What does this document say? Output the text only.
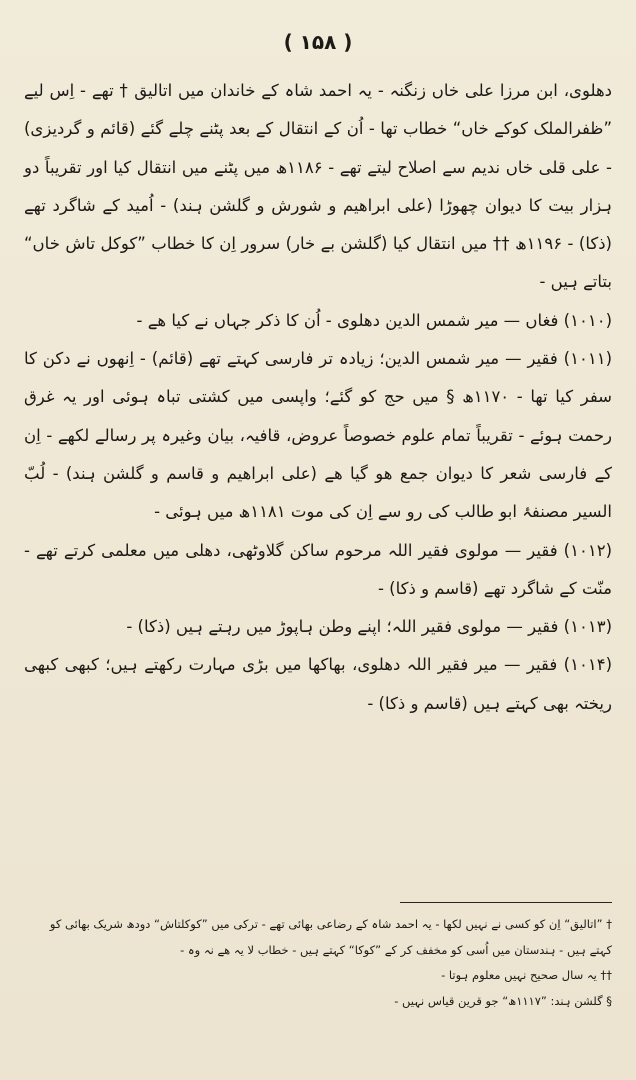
( ۱۵۸ )

دھلوی، ابن مرزا علی خاں زنگنہ - یہ احمد شاہ کے خاندان میں اتالیق † تھے - اِس لیے ”ظفرالملک کوکے خاں“ خطاب تھا - اُن کے انتقال کے بعد پٹنے چلے گئے (قائم و گردیزی) - علی قلی خاں ندیم سے اصلاح لیتے تھے - ۱۱۸۶ھ میں پٹنے میں انتقال کیا اور تقریباً دو ہزار بیت کا دیوان چھوڑا (علی ابراهیم و شورش و گلشن ہند) - اُمید کے شاگرد تھے (ذکا) - ۱۱۹۶ھ †† میں انتقال کیا (گلشن بے خار) سرور اِن کا خطاب ”کوکل تاش خاں“ بتاتے ہیں -

(۱۰۱۰) فغاں — میر شمس الدین دھلوی - اُن کا ذکر جہاں نے کیا ھے -

(۱۰۱۱) فقیر — میر شمس الدین؛ زیادہ تر فارسی کہتے تھے (قائم) - اِنھوں نے دکن کا سفر کیا تھا - ۱۱۷۰ھ § میں حج کو گئے؛ واپسی میں کشتی تباہ ہوئی اور یہ غرق رحمت ہوئے - تقریباً تمام علوم خصوصاً عروض، قافیہ، بیان وغیرہ پر رسالے لکھے - اِن کے فارسی شعر کا دیوان جمع ھو گیا ھے (علی ابراهیم و قاسم و گلشن ہند) - لُبّ السیر مصنفۂ ابو طالب کی رو سے اِن کی موت ۱۱۸۱ھ میں ہوئی -

(۱۰۱۲) فقیر — مولوی فقیر اللہ مرحوم ساکن گلاوٹھی، دھلی میں معلمی کرتے تھے - منّت کے شاگرد تھے (قاسم و ذکا) -

(۱۰۱۳) فقیر — مولوی فقیر اللہ؛ اپنے وطن ہاپوڑ میں رہتے ہیں (ذکا) -

(۱۰۱۴) فقیر — میر فقیر اللہ دھلوی، بھاکھا میں بڑی مہارت رکھتے ہیں؛ کبھی کبھی ریختہ بھی کہتے ہیں (قاسم و ذکا) -

† ”اتالیق“ اِن کو کسی نے نہیں لکھا - یہ احمد شاہ کے رضاعی بھائی تھے - ترکی میں ”کوکلتاش“ دودھ شریک بھائی کو کہتے ہیں - ہندستان میں اُسی کو مخفف کر کے ”کوکا“ کہتے ہیں - خطاب لا یہ ھے نہ وہ -

†† یہ سال صحیح نہیں معلوم ہوتا -

§ گلشن ہند: ”۱۱۱۷ھ“ جو قرین قیاس نہیں -
